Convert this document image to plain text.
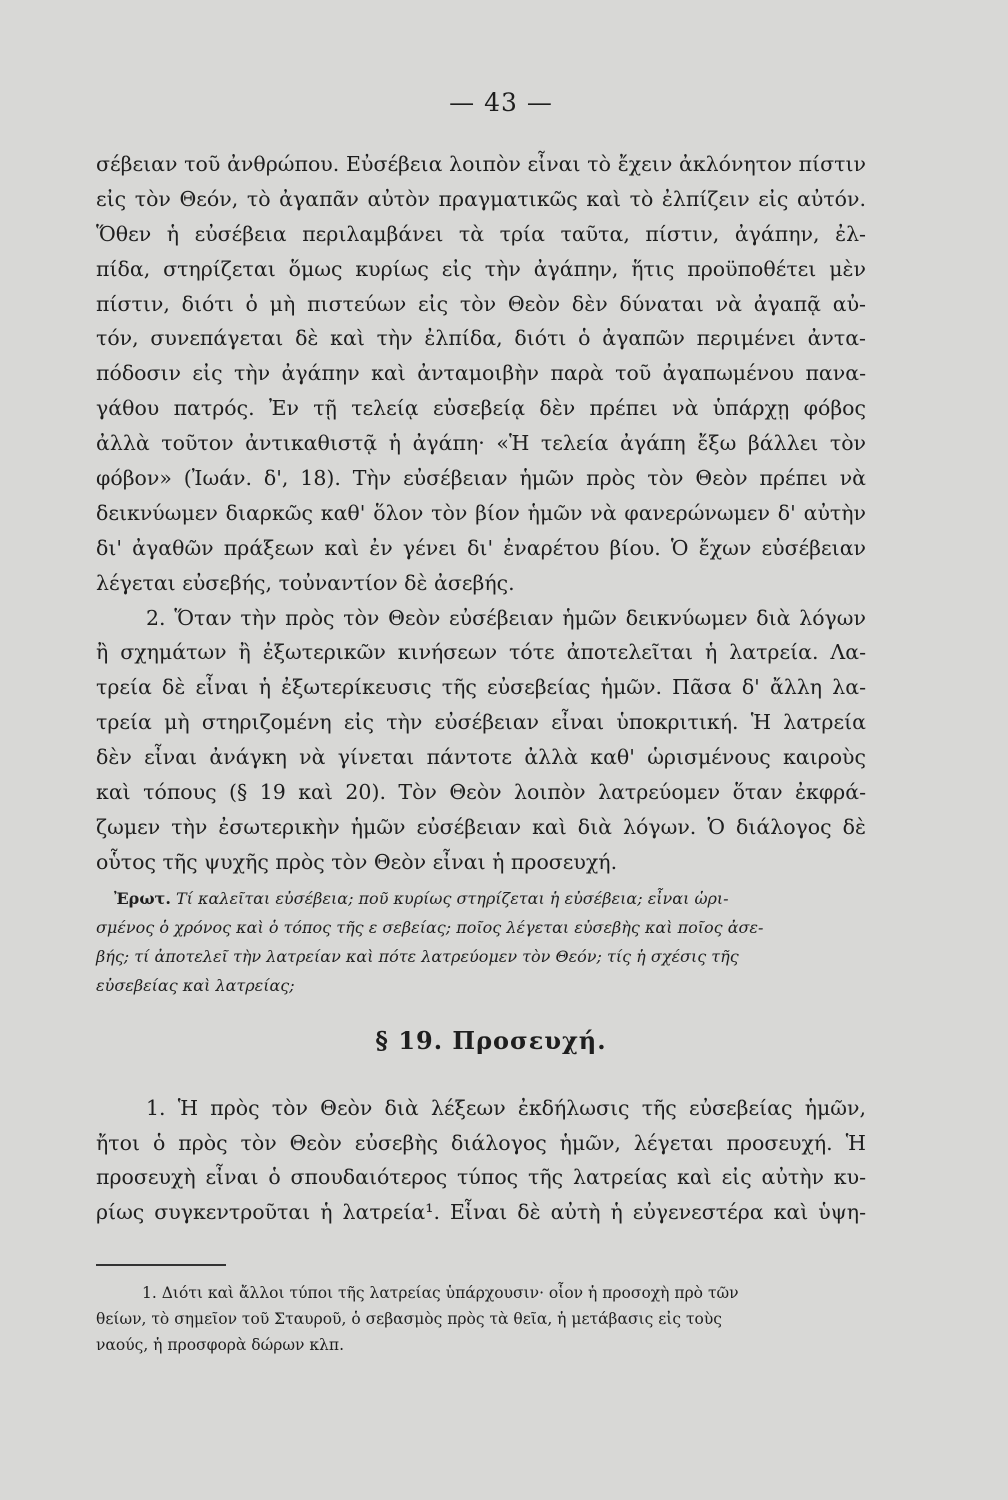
— 43 —
σέβειαν τοῦ ἀνθρώπου. Εὐσέβεια λοιπὸν εἶναι τὸ ἔχειν ἀκλόνητον πίστιν
εἰς τὸν Θεόν, τὸ ἀγαπᾶν αὐτὸν πραγματικῶς καὶ τὸ ἐλπίζειν εἰς αὐτόν.
Ὅθεν ἡ εὐσέβεια περιλαμβάνει τὰ τρία ταῦτα, πίστιν, ἀγάπην, ἐλ-
πίδα, στηρίζεται ὅμως κυρίως εἰς τὴν ἀγάπην, ἥτις προϋποθέτει μὲν
πίστιν, διότι ὁ μὴ πιστεύων εἰς τὸν Θεὸν δὲν δύναται νὰ ἀγαπᾷ αὐ-
τόν, συνεπάγεται δὲ καὶ τὴν ἐλπίδα, διότι ὁ ἀγαπῶν περιμένει ἀντα-
πόδοσιν εἰς τὴν ἀγάπην καὶ ἀνταμοιβὴν παρὰ τοῦ ἀγαπωμένου πανα-
γάθου πατρός. Ἐν τῇ τελείᾳ εὐσεβείᾳ δὲν πρέπει νὰ ὑπάρχῃ φόβος
ἀλλὰ τοῦτον ἀντικαθιστᾷ ἡ ἀγάπη· «Ἡ τελεία ἀγάπη ἔξω βάλλει τὸν
φόβον» (Ἰωάν. δ', 18). Τὴν εὐσέβειαν ἡμῶν πρὸς τὸν Θεὸν πρέπει νὰ
δεικνύωμεν διαρκῶς καθ' ὅλον τὸν βίον ἡμῶν νὰ φανερώνωμεν δ' αὐτὴν
δι' ἀγαθῶν πράξεων καὶ ἐν γένει δι' ἐναρέτου βίου. Ὁ ἔχων εὐσέβειαν
λέγεται εὐσεβής, τοὐναντίον δὲ ἀσεβής.
2. Ὅταν τὴν πρὸς τὸν Θεὸν εὐσέβειαν ἡμῶν δεικνύωμεν διὰ λόγων
ἢ σχημάτων ἢ ἐξωτερικῶν κινήσεων τότε ἀποτελεῖται ἡ λατρεία. Λα-
τρεία δὲ εἶναι ἡ ἐξωτερίκευσις τῆς εὐσεβείας ἡμῶν. Πᾶσα δ' ἄλλη λα-
τρεία μὴ στηριζομένη εἰς τὴν εὐσέβειαν εἶναι ὑποκριτική. Ἡ λατρεία
δὲν εἶναι ἀνάγκη νὰ γίνεται πάντοτε ἀλλὰ καθ' ὡρισμένους καιροὺς
καὶ τόπους (§ 19 καὶ 20). Τὸν Θεὸν λοιπὸν λατρεύομεν ὅταν ἐκφρά-
ζωμεν τὴν ἐσωτερικὴν ἡμῶν εὐσέβειαν καὶ διὰ λόγων. Ὁ διάλογος δὲ
οὗτος τῆς ψυχῆς πρὸς τὸν Θεὸν εἶναι ἡ προσευχή.
Ἐρωτ. Τί καλεῖται εὐσέβεια; ποῦ κυρίως στηρίζεται ἡ εὐσέβεια; εἶναι ὡρι-
σμένος ὁ χρόνος καὶ ὁ τόπος τῆς ε σεβείας; ποῖος λέγεται εὐσεβὴς καὶ ποῖος ἀσε-
βής; τί ἀποτελεῖ τὴν λατρείαν καὶ πότε λατρεύομεν τὸν Θεόν; τίς ἡ σχέσις τῆς
εὐσεβείας καὶ λατρείας;
§ 19. Προσευχή.
1. Ἡ πρὸς τὸν Θεὸν διὰ λέξεων ἐκδήλωσις τῆς εὐσεβείας ἡμῶν,
ἤτοι ὁ πρὸς τὸν Θεὸν εὐσεβὴς διάλογος ἡμῶν, λέγεται προσευχή. Ἡ
προσευχὴ εἶναι ὁ σπουδαιότερος τύπος τῆς λατρείας καὶ εἰς αὐτὴν κυ-
ρίως συγκεντροῦται ἡ λατρεία¹. Εἶναι δὲ αὐτὴ ἡ εὐγενεστέρα καὶ ὑψη-
1. Διότι καὶ ἄλλοι τύποι τῆς λατρείας ὑπάρχουσιν· οἷον ἡ προσοχὴ πρὸ τῶν
θείων, τὸ σημεῖον τοῦ Σταυροῦ, ὁ σεβασμὸς πρὸς τὰ θεῖα, ἡ μετάβασις εἰς τοὺς
ναούς, ἡ προσφορὰ δώρων κλπ.
